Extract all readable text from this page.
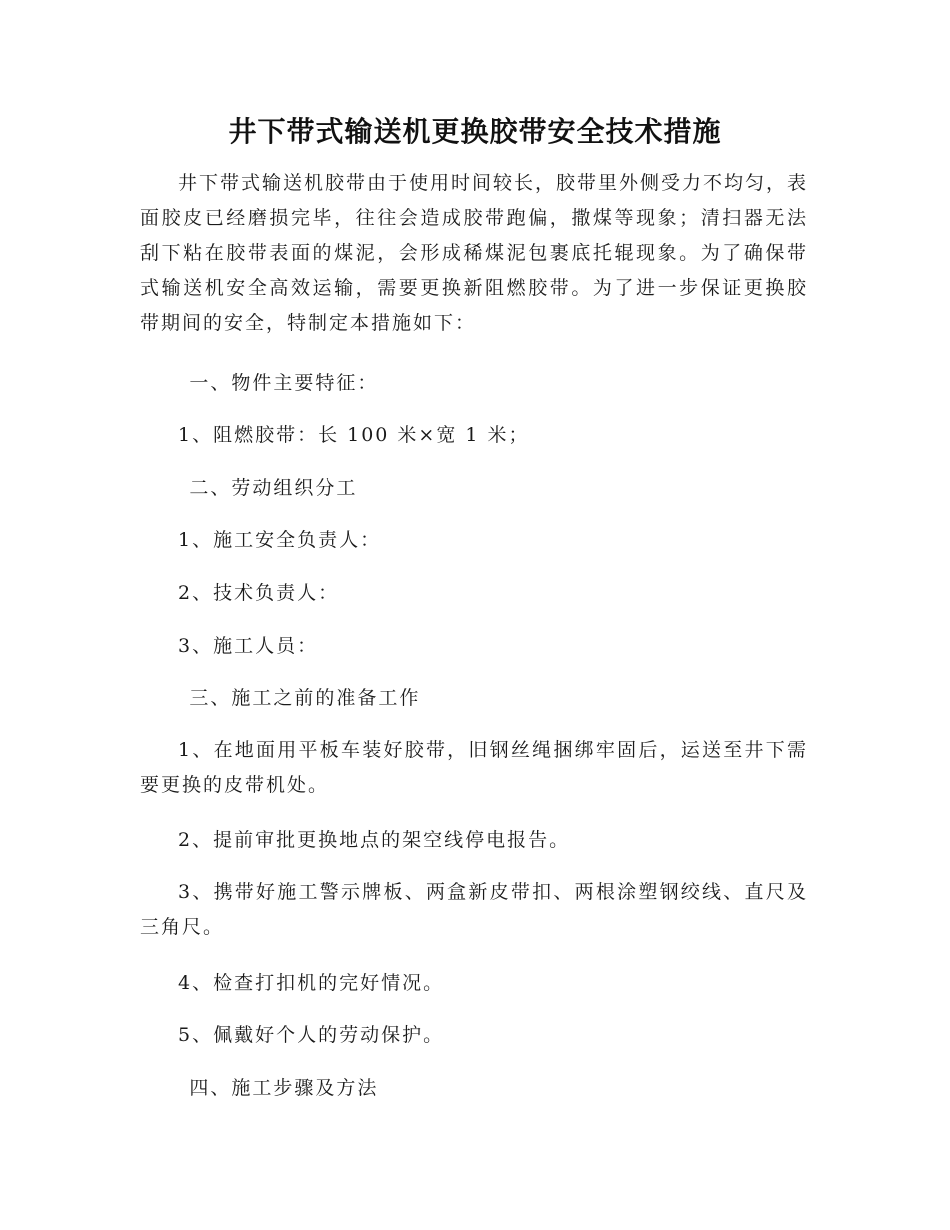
井下带式输送机更换胶带安全技术措施

井下带式输送机胶带由于使用时间较长，胶带里外侧受力不均匀，表面胶皮已经磨损完毕，往往会造成胶带跑偏，撒煤等现象；清扫器无法刮下粘在胶带表面的煤泥，会形成稀煤泥包裹底托辊现象。为了确保带式输送机安全高效运输，需要更换新阻燃胶带。为了进一步保证更换胶带期间的安全，特制定本措施如下：

一、物件主要特征：

1、阻燃胶带：长 100 米×宽 1 米；

二、劳动组织分工

1、施工安全负责人：

2、技术负责人：

3、施工人员：

三、施工之前的准备工作

1、在地面用平板车装好胶带，旧钢丝绳捆绑牢固后，运送至井下需要更换的皮带机处。

2、提前审批更换地点的架空线停电报告。

3、携带好施工警示牌板、两盒新皮带扣、两根涂塑钢绞线、直尺及三角尺。

4、检查打扣机的完好情况。

5、佩戴好个人的劳动保护。

四、施工步骤及方法
